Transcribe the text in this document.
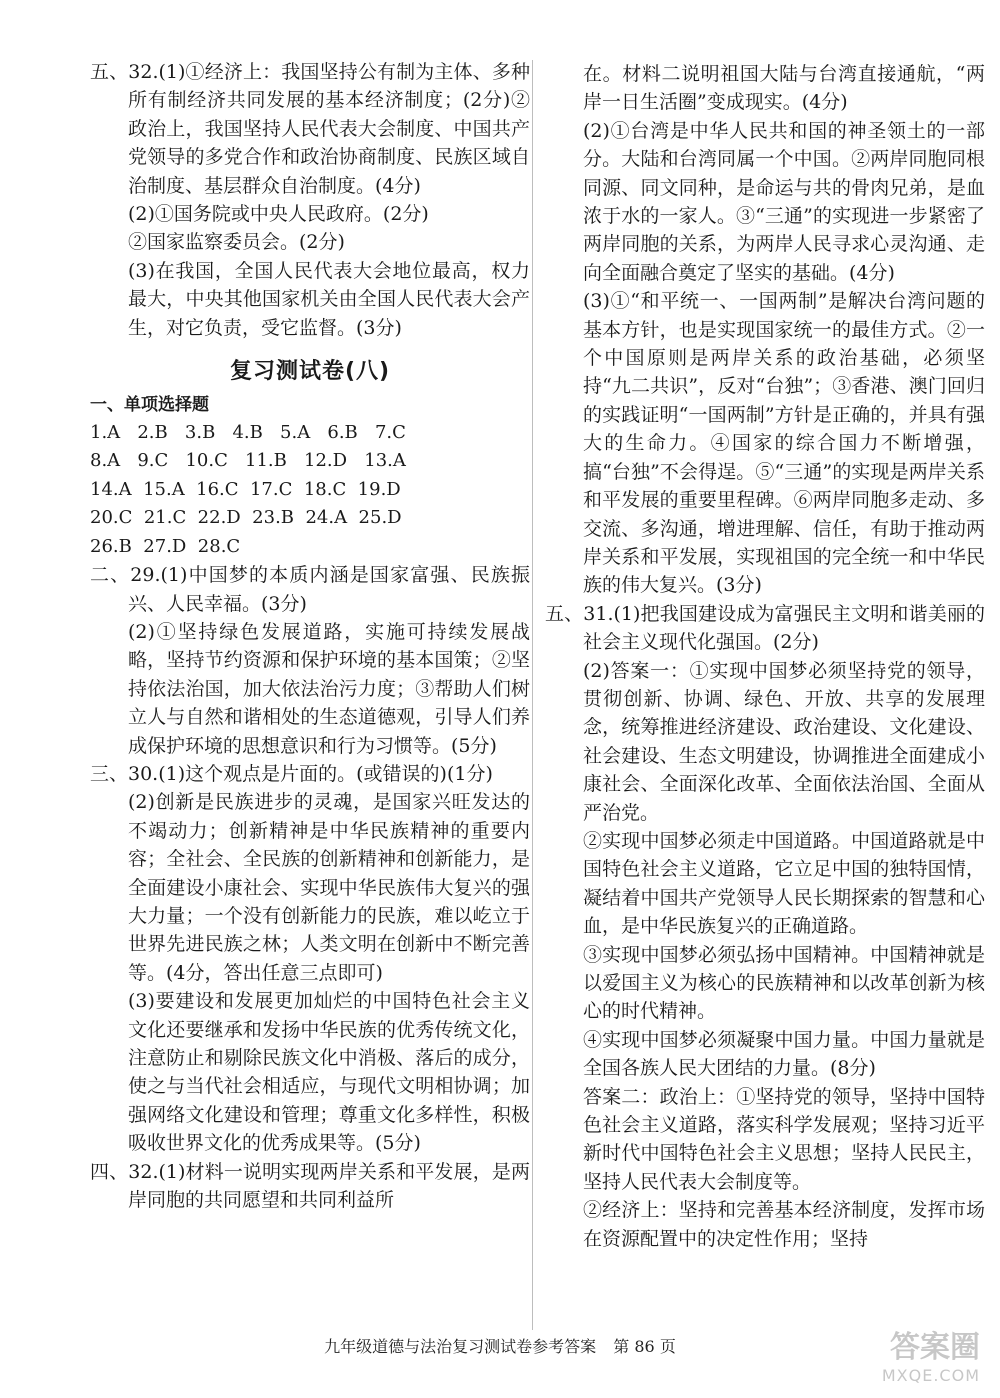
五、32.(1)①经济上：我国坚持公有制为主体、多种所有制经济共同发展的基本经济制度；(2分)②政治上，我国坚持人民代表大会制度、中国共产党领导的多党合作和政治协商制度、民族区域自治制度、基层群众自治制度。(4分)

(2)①国务院或中央人民政府。(2分)

②国家监察委员会。(2分)

(3)在我国，全国人民代表大会地位最高，权力最大，中央其他国家机关由全国人民代表大会产生，对它负责，受它监督。(3分)

复习测试卷(八)

一、单项选择题

1.A   2.B   3.B   4.B   5.A   6.B   7.C

8.A   9.C   10.C   11.B   12.D   13.A

14.A  15.A  16.C  17.C  18.C  19.D

20.C  21.C  22.D  23.B  24.A  25.D

26.B  27.D  28.C

二、29.(1)中国梦的本质内涵是国家富强、民族振兴、人民幸福。(3分)

(2)①坚持绿色发展道路，实施可持续发展战略，坚持节约资源和保护环境的基本国策；②坚持依法治国，加大依法治污力度；③帮助人们树立人与自然和谐相处的生态道德观，引导人们养成保护环境的思想意识和行为习惯等。(5分)

三、30.(1)这个观点是片面的。(或错误的)(1分)

(2)创新是民族进步的灵魂，是国家兴旺发达的不竭动力；创新精神是中华民族精神的重要内容；全社会、全民族的创新精神和创新能力，是全面建设小康社会、实现中华民族伟大复兴的强大力量；一个没有创新能力的民族，难以屹立于世界先进民族之林；人类文明在创新中不断完善等。(4分，答出任意三点即可)

(3)要建设和发展更加灿烂的中国特色社会主义文化还要继承和发扬中华民族的优秀传统文化，注意防止和剔除民族文化中消极、落后的成分，使之与当代社会相适应，与现代文明相协调；加强网络文化建设和管理；尊重文化多样性，积极吸收世界文化的优秀成果等。(5分)

四、32.(1)材料一说明实现两岸关系和平发展，是两岸同胞的共同愿望和共同利益所

在。材料二说明祖国大陆与台湾直接通航，“两岸一日生活圈”变成现实。(4分)

(2)①台湾是中华人民共和国的神圣领土的一部分。大陆和台湾同属一个中国。②两岸同胞同根同源、同文同种，是命运与共的骨肉兄弟，是血浓于水的一家人。③“三通”的实现进一步紧密了两岸同胞的关系，为两岸人民寻求心灵沟通、走向全面融合奠定了坚实的基础。(4分)

(3)①“和平统一、一国两制”是解决台湾问题的基本方针，也是实现国家统一的最佳方式。②一个中国原则是两岸关系的政治基础，必须坚持“九二共识”，反对“台独”；③香港、澳门回归的实践证明“一国两制”方针是正确的，并具有强大的生命力。④国家的综合国力不断增强，搞“台独”不会得逞。⑤“三通”的实现是两岸关系和平发展的重要里程碑。⑥两岸同胞多走动、多交流、多沟通，增进理解、信任，有助于推动两岸关系和平发展，实现祖国的完全统一和中华民族的伟大复兴。(3分)

五、31.(1)把我国建设成为富强民主文明和谐美丽的社会主义现代化强国。(2分)

(2)答案一：①实现中国梦必须坚持党的领导，贯彻创新、协调、绿色、开放、共享的发展理念，统筹推进经济建设、政治建设、文化建设、社会建设、生态文明建设，协调推进全面建成小康社会、全面深化改革、全面依法治国、全面从严治党。

②实现中国梦必须走中国道路。中国道路就是中国特色社会主义道路，它立足中国的独特国情，凝结着中国共产党领导人民长期探索的智慧和心血，是中华民族复兴的正确道路。

③实现中国梦必须弘扬中国精神。中国精神就是以爱国主义为核心的民族精神和以改革创新为核心的时代精神。

④实现中国梦必须凝聚中国力量。中国力量就是全国各族人民大团结的力量。(8分)

答案二：政治上：①坚持党的领导，坚持中国特色社会主义道路，落实科学发展观；坚持习近平新时代中国特色社会主义思想；坚持人民民主，坚持人民代表大会制度等。

②经济上：坚持和完善基本经济制度，发挥市场在资源配置中的决定性作用；坚持

九年级道德与法治复习测试卷参考答案 第 86 页	答案圈
MXQE.COM
